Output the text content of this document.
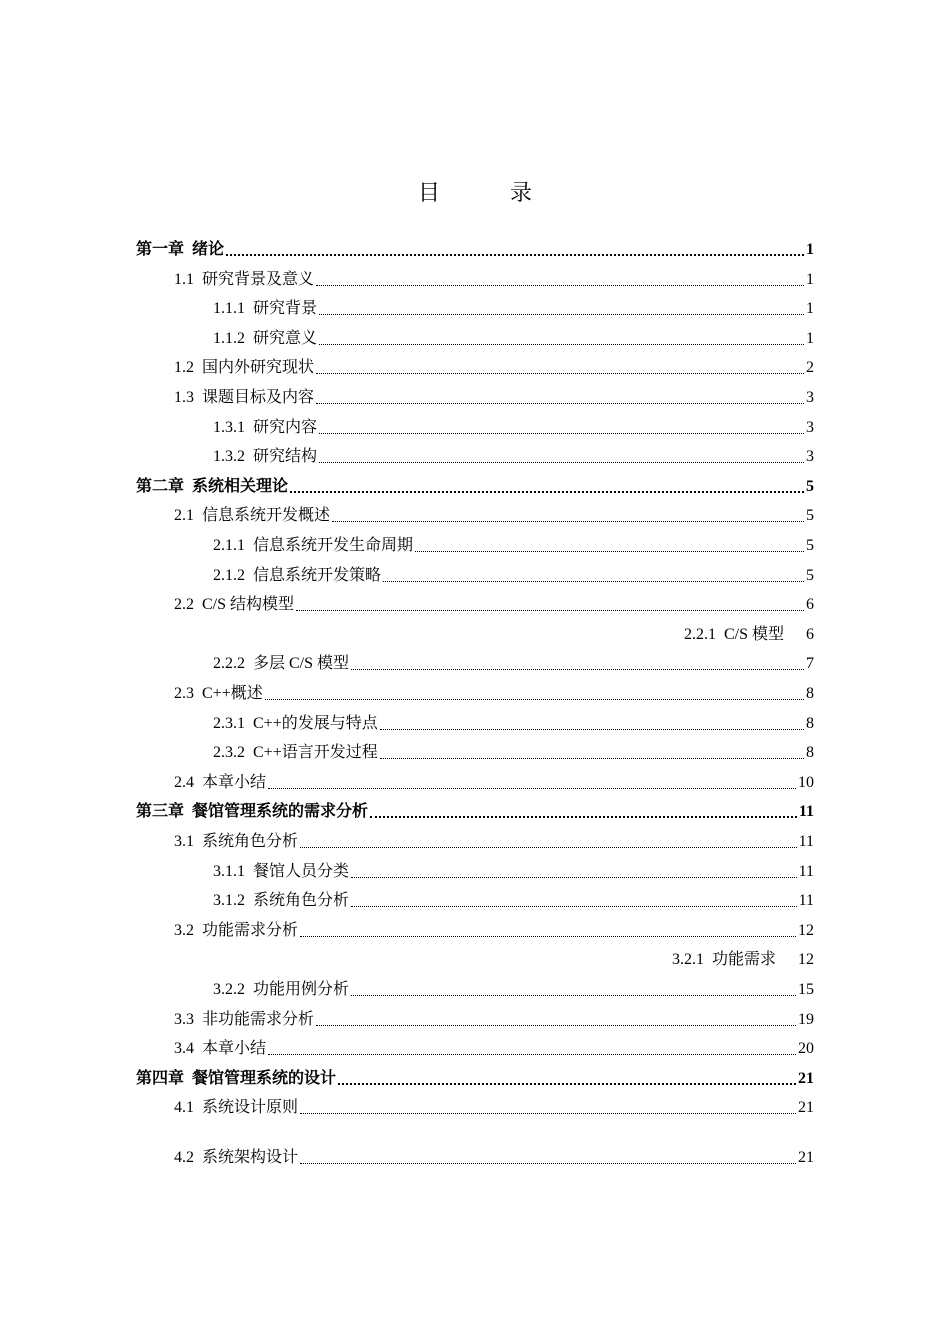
目　录
第一章 绪论	1
1.1 研究背景及意义	1
1.1.1 研究背景	1
1.1.2 研究意义	1
1.2 国内外研究现状	2
1.3 课题目标及内容	3
1.3.1 研究内容	3
1.3.2 研究结构	3
第二章 系统相关理论	5
2.1 信息系统开发概述	5
2.1.1 信息系统开发生命周期	5
2.1.2 信息系统开发策略	5
2.2 C/S 结构模型	6
2.2.1 C/S 模型 6
2.2.2 多层 C/S 模型	7
2.3 C++概述	8
2.3.1 C++的发展与特点	8
2.3.2 C++语言开发过程	8
2.4 本章小结	10
第三章 餐馆管理系统的需求分析	11
3.1 系统角色分析	11
3.1.1 餐馆人员分类	11
3.1.2 系统角色分析	11
3.2 功能需求分析	12
3.2.1 功能需求 12
3.2.2 功能用例分析	15
3.3 非功能需求分析	19
3.4 本章小结	20
第四章 餐馆管理系统的设计	21
4.1 系统设计原则	21
4.2 系统架构设计	21
